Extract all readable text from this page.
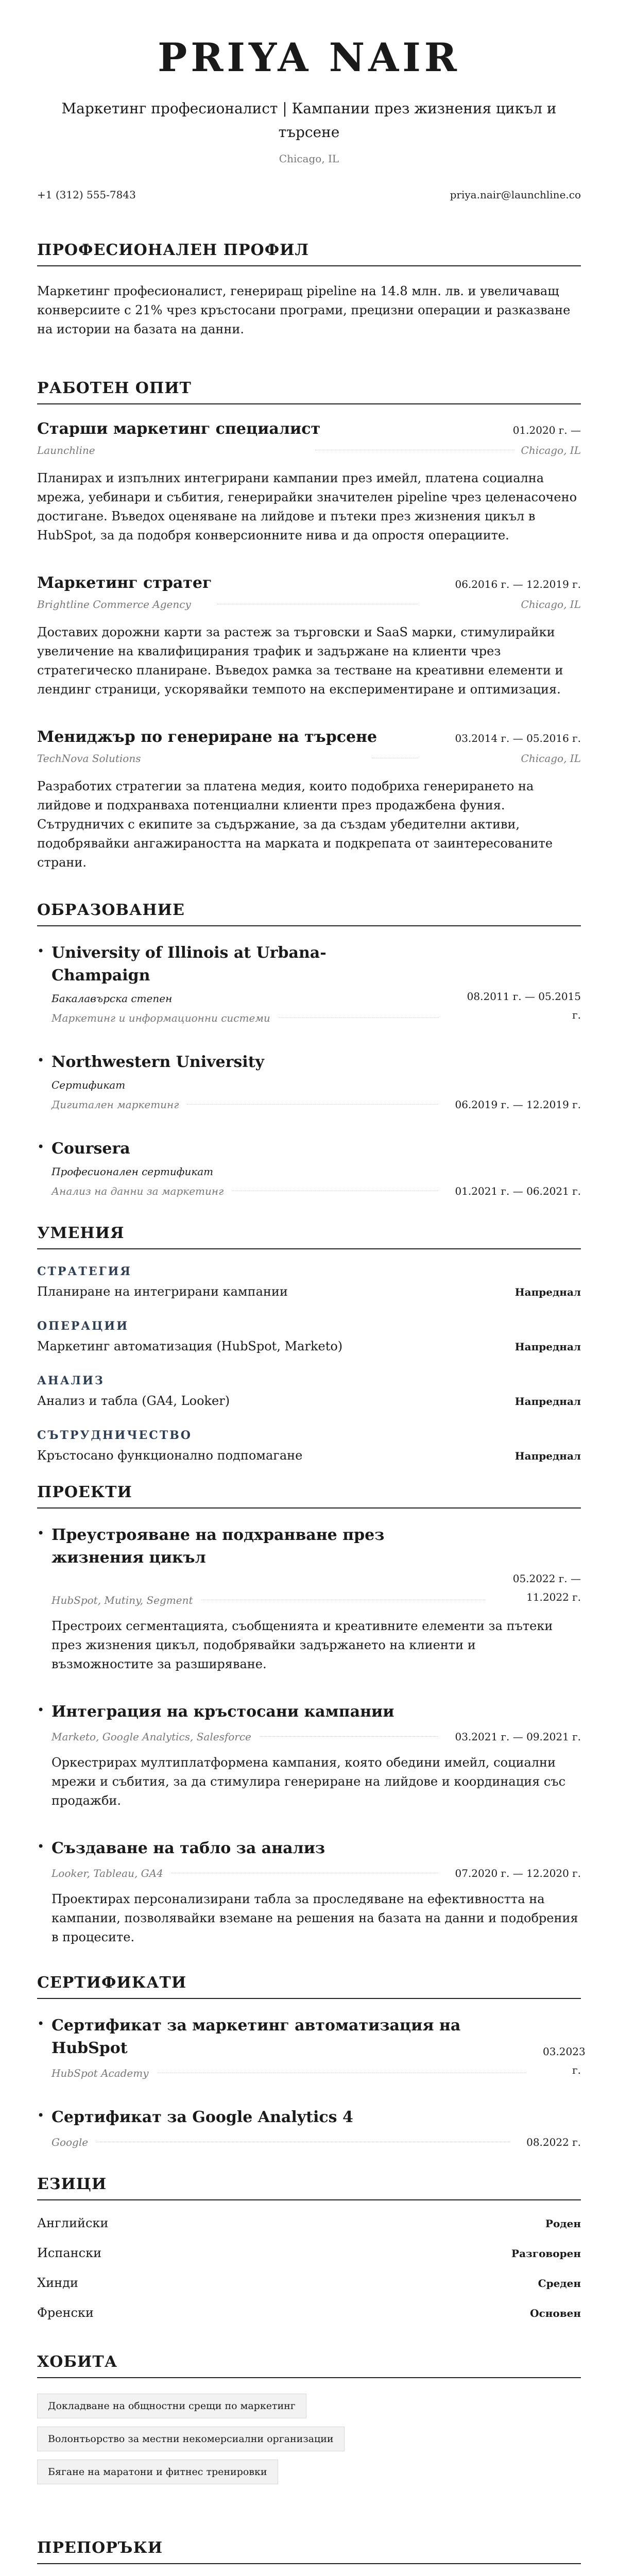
PRIYA NAIR
Маркетинг професионалист | Кампании през жизнения цикъл и търсене
Chicago, IL
+1 (312) 555-7843	priya.nair@launchline.co
ПРОФЕСИОНАЛЕН ПРОФИЛ
Маркетинг професионалист, генериращ pipeline на 14.8 млн. лв. и увеличаващ конверсиите с 21% чрез кръстосани програми, прецизни операции и разказване на истории на базата на данни.
РАБОТЕН ОПИТ
Старши маркетинг специалист	01.2020 г. —
Launchline	Chicago, IL
Планирах и изпълних интегрирани кампании през имейл, платена социална мрежа, уебинари и събития, генерирайки значителен pipeline чрез целенасочено достигане. Въведох оценяване на лийдове и пътеки през жизнения цикъл в HubSpot, за да подобря конверсионните нива и да опростя операциите.
Маркетинг стратег	06.2016 г. — 12.2019 г.
Brightline Commerce Agency	Chicago, IL
Доставих дорожни карти за растеж за търговски и SaaS марки, стимулирайки увеличение на квалифицирания трафик и задържане на клиенти чрез стратегическо планиране. Въведох рамка за тестване на креативни елементи и лендинг страници, ускорявайки темпото на експериментиране и оптимизация.
Мениджър по генериране на търсене	03.2014 г. — 05.2016 г.
TechNova Solutions	Chicago, IL
Разработих стратегии за платена медия, които подобриха генерирането на лийдове и подхранваха потенциални клиенти през продажбена фуния. Сътрудничих с екипите за съдържание, за да създам убедителни активи, подобрявайки ангажираността на марката и подкрепата от заинтересованите страни.
ОБРАЗОВАНИЕ
• University of Illinois at Urbana-Champaign
Бакалавърска степен
Маркетинг и информационни системи
08.2011 г. — 05.2015 г.
• Northwestern University
Сертификат
Дигитален маркетинг	06.2019 г. — 12.2019 г.
• Coursera
Професионален сертификат
Анализ на данни за маркетинг	01.2021 г. — 06.2021 г.
УМЕНИЯ
СТРАТЕГИЯ
Планиране на интегрирани кампании	Напреднал
ОПЕРАЦИИ
Маркетинг автоматизация (HubSpot, Marketo)	Напреднал
АНАЛИЗ
Анализ и табла (GA4, Looker)	Напреднал
СЪТРУДНИЧЕСТВО
Кръстосано функционално подпомагане	Напреднал
ПРОЕКТИ
• Преустрояване на подхранване през жизнения цикъл
HubSpot, Mutiny, Segment
05.2022 г. — 11.2022 г.
Престроих сегментацията, съобщенията и креативните елементи за пътеки през жизнения цикъл, подобрявайки задържането на клиенти и възможностите за разширяване.
• Интеграция на кръстосани кампании
Marketo, Google Analytics, Salesforce	03.2021 г. — 09.2021 г.
Оркестрирах мултиплатформена кампания, която обедини имейл, социални мрежи и събития, за да стимулира генериране на лийдове и координация със продажби.
• Създаване на табло за анализ
Looker, Tableau, GA4	07.2020 г. — 12.2020 г.
Проектирах персонализирани табла за проследяване на ефективността на кампании, позволявайки вземане на решения на базата на данни и подобрения в процесите.
СЕРТИФИКАТИ
• Сертификат за маркетинг автоматизация на HubSpot
HubSpot Academy
03.2023 г.
• Сертификат за Google Analytics 4
Google	08.2022 г.
ЕЗИЦИ
Английски	Роден
Испански	Разговорен
Хинди	Среден
Френски	Основен
ХОБИТА
Докладване на общностни срещи по маркетинг
Волонтьорство за местни некомерсиални организации
Бягане на маратони и фитнес тренировки
ПРЕПОРЪКИ
